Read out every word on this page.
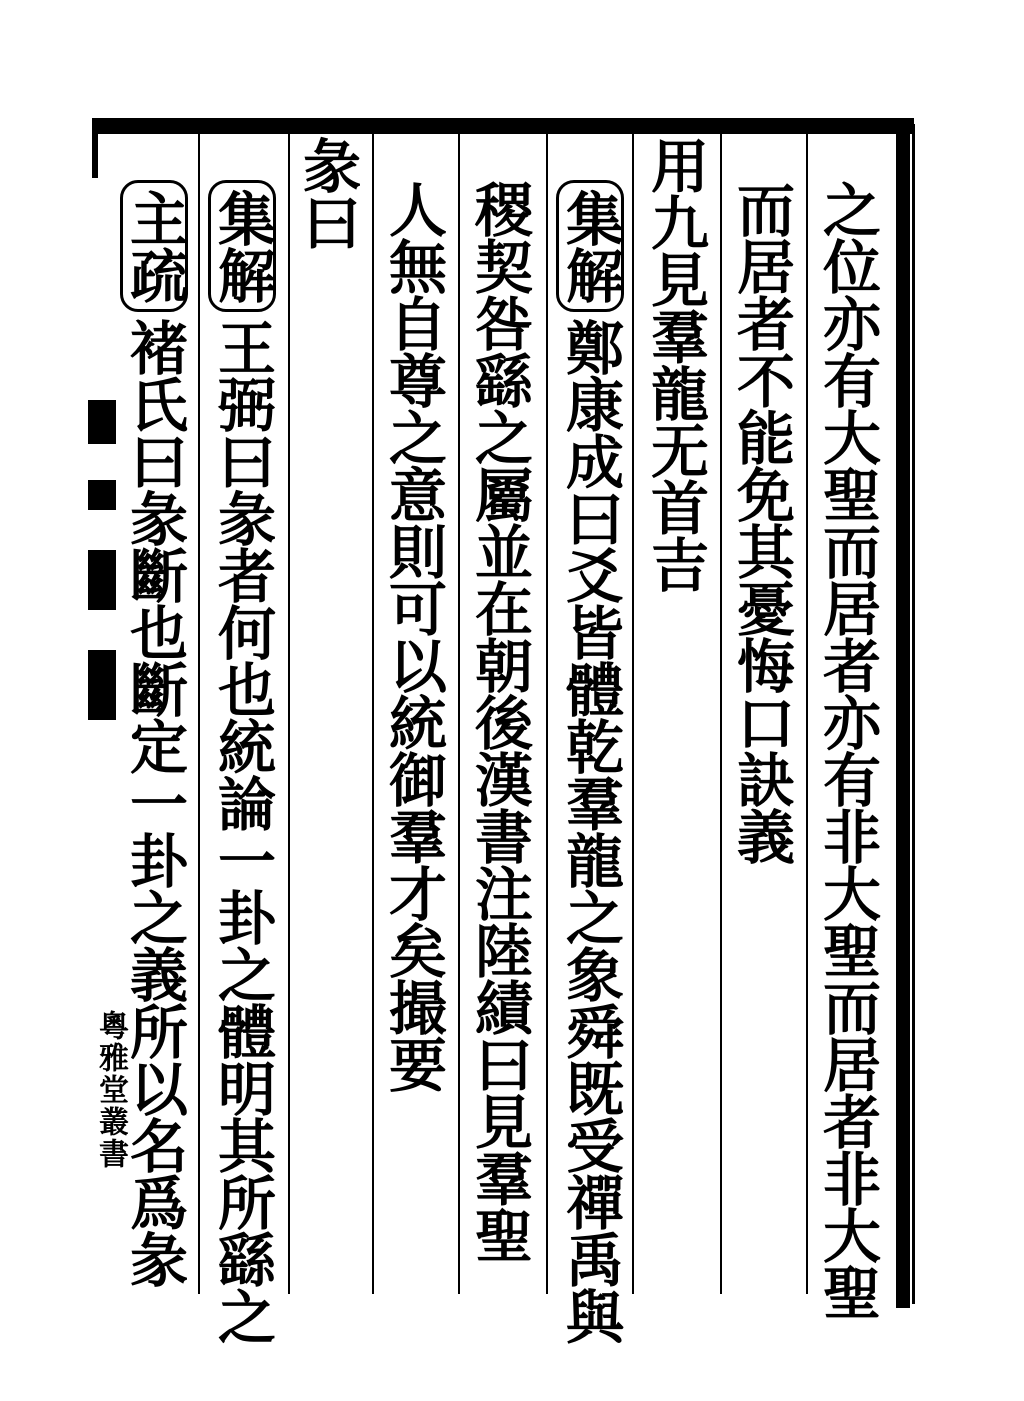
之位亦有大聖而居者亦有非大聖而居者非大聖
而居者不能免其憂悔口訣義
用九見羣龍无首吉
集解鄭康成曰爻皆體乾羣龍之象舜既受禪禹與
稷契咎繇之屬並在朝後漢書注陸績曰見羣聖
人無自尊之意則可以統御羣才矣撮要
彖曰
集解王弼曰彖者何也統論一卦之體明其所繇之
主疏褚氏曰彖斷也斷定一卦之義所以名爲彖
粵雅堂叢書
